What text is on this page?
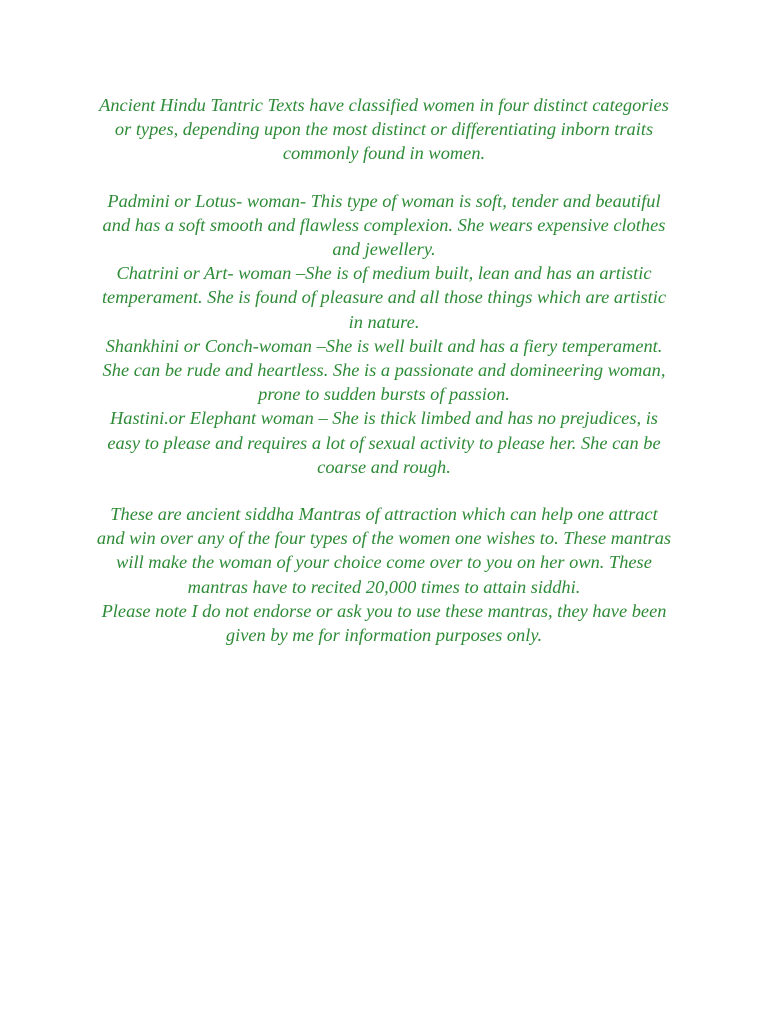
Ancient Hindu Tantric Texts have classified women in four distinct categories or types, depending upon the most distinct or differentiating inborn traits commonly found in women.

Padmini or Lotus- woman- This type of woman is soft, tender and beautiful and has a soft smooth and flawless complexion. She wears expensive clothes and jewellery.

Chatrini or Art- woman –She is of medium built, lean and has an artistic temperament. She is found of pleasure and all those things which are artistic in nature.

Shankhini or Conch-woman –She is well built and has a fiery temperament. She can be rude and heartless. She is a passionate and domineering woman, prone to sudden bursts of passion.

Hastini.or Elephant woman – She is thick limbed and has no prejudices, is easy to please and requires a lot of sexual activity to please her. She can be coarse and rough.

These are ancient siddha Mantras of attraction which can help one attract and win over any of the four types of the women one wishes to. These mantras will make the woman of your choice come over to you on her own. These mantras have to recited 20,000 times to attain siddhi.

Please note I do not endorse or ask you to use these mantras, they have been given by me for information purposes only.
